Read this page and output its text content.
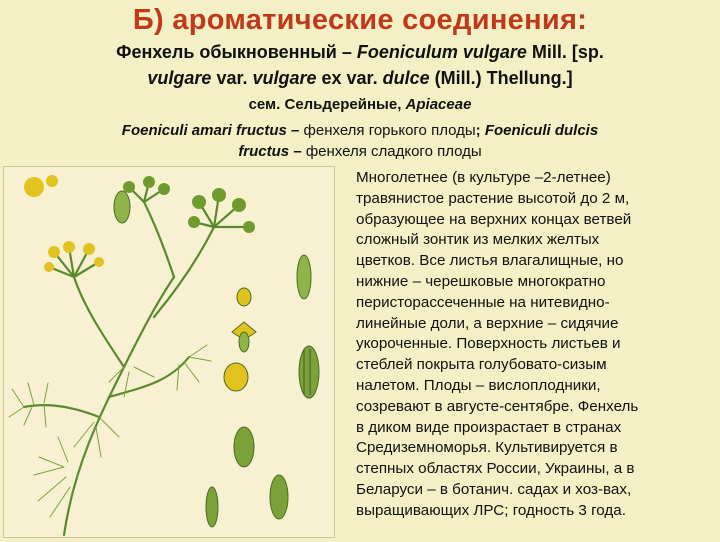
Б) ароматические соединения:
Фенхель обыкновенный – Foeniculum vulgare Mill. [sp.
vulgare var. vulgare ex var. dulce (Mill.) Thellung.]
сем. Сельдерейные, Apiaceae
Foeniculi amari fructus – фенхеля горького плоды; Foeniculi dulcis
fructus – фенхеля сладкого плоды
Многолетнее (в культуре –2-летнее)
травянистое растение высотой до 2 м,
образующее на верхних концах ветвей
сложный зонтик из мелких желтых
цветков. Все листья влагалищные, но
нижние – черешковые многократно
перисторассеченные на нитевидно-
линейные доли, а верхние – сидячие
укороченные. Поверхность листьев и
стеблей покрыта голубовато-сизым
налетом. Плоды – вислоплодники,
созревают в августе-сентябре. Фенхель
в диком виде произрастает в странах
Средиземноморья. Культивируется в
степных областях России, Украины, а в
Беларуси – в ботанич. садах и хоз-вах,
выращивающих ЛРС; годность 3 года.
